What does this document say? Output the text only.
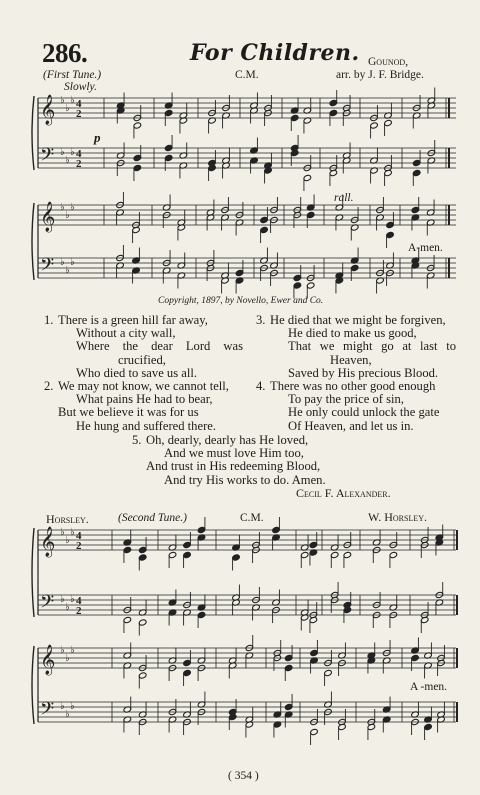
286.	For Children. Gounod,
arr. by J. F. Bridge.
(First Tune.)	C.M.
Slowly.
p
rall.
A-men.
𝄞
𝄢
♭
♭
♭
♭
♭
♭
4
2
4
2
𝄞
𝄢
♭
♭
♭
♭
♭
♭
𝄞
𝄢
♭
♭
♭
♭
♭
♭
4
2
4
2
𝄞
𝄢
♭
♭
♭
♭
♭
♭
Copyright, 1897, by Novello, Ewer and Co.
1. There is a green hill far away,
Without a city wall,
Where the dear Lord was
crucified,
Who died to save us all.
2. We may not know, we cannot tell,
What pains He had to bear,
But we believe it was for us
He hung and suffered there.
3. He died that we might be forgiven,
He died to make us good,
That we might go at last to
Heaven,
Saved by His precious Blood.
4. There was no other good enough
To pay the price of sin,
He only could unlock the gate
Of Heaven, and let us in.
5. Oh, dearly, dearly has He loved,
And we must love Him too,
And trust in His redeeming Blood,
And try His works to do. Amen.
Cecil F. Alexander.
Horsley.	(Second Tune.)	C.M.	W. Horsley.
A -men.
( 354 )
